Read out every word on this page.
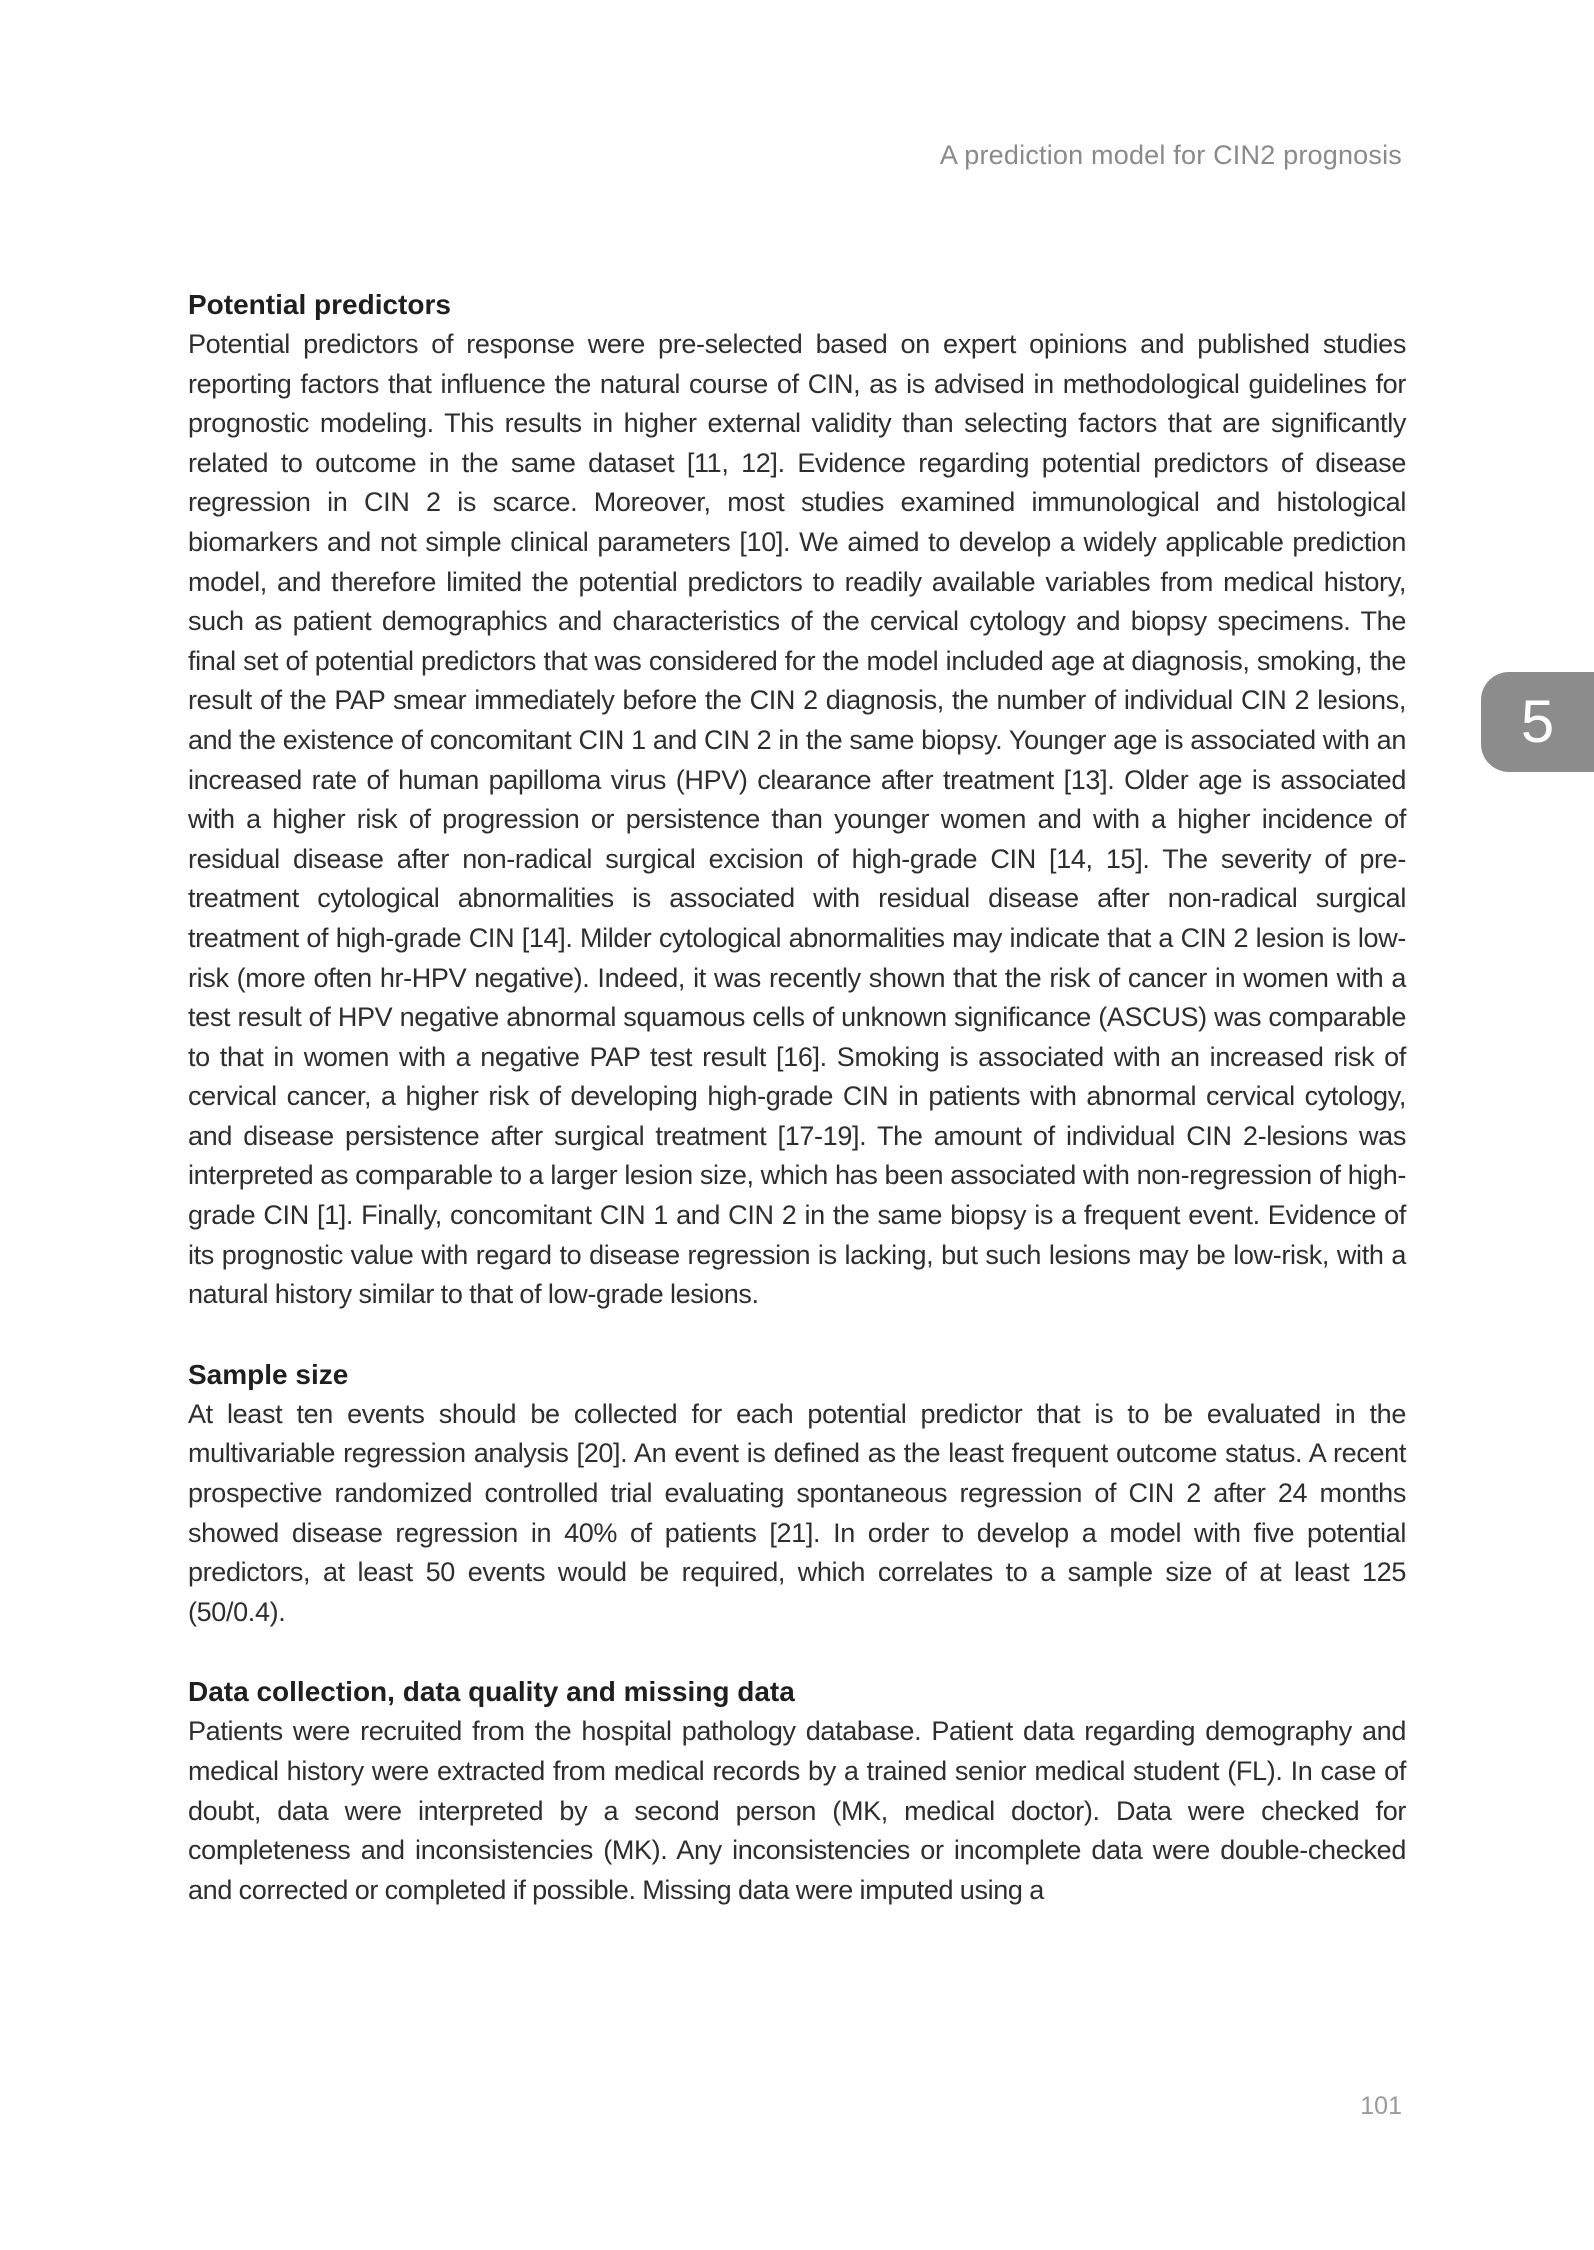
A prediction model for CIN2 prognosis
5
Potential predictors

Potential predictors of response were pre-selected based on expert opinions and published studies reporting factors that influence the natural course of CIN, as is advised in methodological guidelines for prognostic modeling. This results in higher external validity than selecting factors that are significantly related to outcome in the same dataset [11, 12]. Evidence regarding potential predictors of disease regression in CIN 2 is scarce. Moreover, most studies examined immunological and histological biomarkers and not simple clinical parameters [10]. We aimed to develop a widely applicable prediction model, and therefore limited the potential predictors to readily available variables from medical history, such as patient demographics and characteristics of the cervical cytology and biopsy specimens. The final set of potential predictors that was considered for the model included age at diagnosis, smoking, the result of the PAP smear immediately before the CIN 2 diagnosis, the number of individual CIN 2 lesions, and the existence of concomitant CIN 1 and CIN 2 in the same biopsy. Younger age is associated with an increased rate of human papilloma virus (HPV) clearance after treatment [13]. Older age is associated with a higher risk of progression or persistence than younger women and with a higher incidence of residual disease after non-radical surgical excision of high-grade CIN [14, 15]. The severity of pre-treatment cytological abnormalities is associated with residual disease after non-radical surgical treatment of high-grade CIN [14]. Milder cytological abnormalities may indicate that a CIN 2 lesion is low-risk (more often hr-HPV negative). Indeed, it was recently shown that the risk of cancer in women with a test result of HPV negative abnormal squamous cells of unknown significance (ASCUS) was comparable to that in women with a negative PAP test result [16]. Smoking is associated with an increased risk of cervical cancer, a higher risk of developing high-grade CIN in patients with abnormal cervical cytology, and disease persistence after surgical treatment [17-19]. The amount of individual CIN 2-lesions was interpreted as comparable to a larger lesion size, which has been associated with non-regression of high-grade CIN [1]. Finally, concomitant CIN 1 and CIN 2 in the same biopsy is a frequent event. Evidence of its prognostic value with regard to disease regression is lacking, but such lesions may be low-risk, with a natural history similar to that of low-grade lesions.

Sample size

At least ten events should be collected for each potential predictor that is to be evaluated in the multivariable regression analysis [20]. An event is defined as the least frequent outcome status. A recent prospective randomized controlled trial evaluating spontaneous regression of CIN 2 after 24 months showed disease regression in 40% of patients [21]. In order to develop a model with five potential predictors, at least 50 events would be required, which correlates to a sample size of at least 125 (50/0.4).

Data collection, data quality and missing data

Patients were recruited from the hospital pathology database. Patient data regarding demography and medical history were extracted from medical records by a trained senior medical student (FL). In case of doubt, data were interpreted by a second person (MK, medical doctor). Data were checked for completeness and inconsistencies (MK). Any inconsistencies or incomplete data were double-checked and corrected or completed if possible. Missing data were imputed using a

101
